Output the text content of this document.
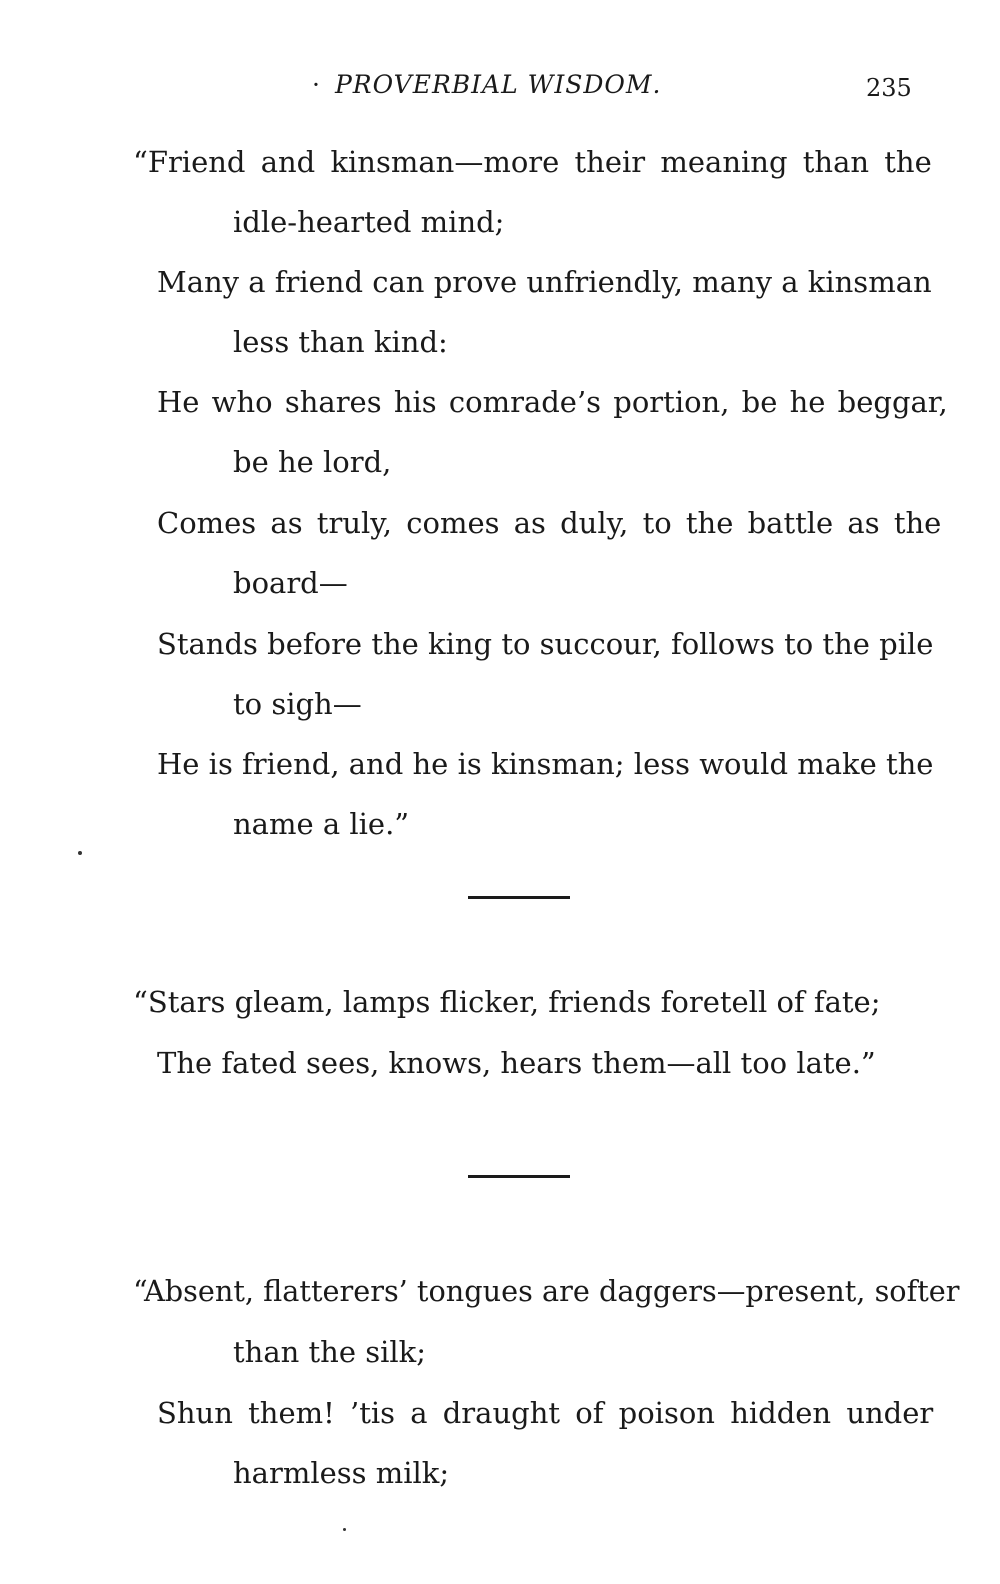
· PROVERBIAL WISDOM.	235
“Friend and kinsman—more their meaning than the
idle-hearted mind;
Many a friend can prove unfriendly, many a kinsman
less than kind:
He who shares his comrade’s portion, be he beggar,
be he lord,
Comes as truly, comes as duly, to the battle as the
board—
Stands before the king to succour, follows to the pile
to sigh—
He is friend, and he is kinsman; less would make the
name a lie.”
“Stars gleam, lamps flicker, friends foretell of fate;
The fated sees, knows, hears them—all too late.”
“Absent, flatterers’ tongues are daggers—present, softer
than the silk;
Shun them! ’tis a draught of poison hidden under
harmless milk;
